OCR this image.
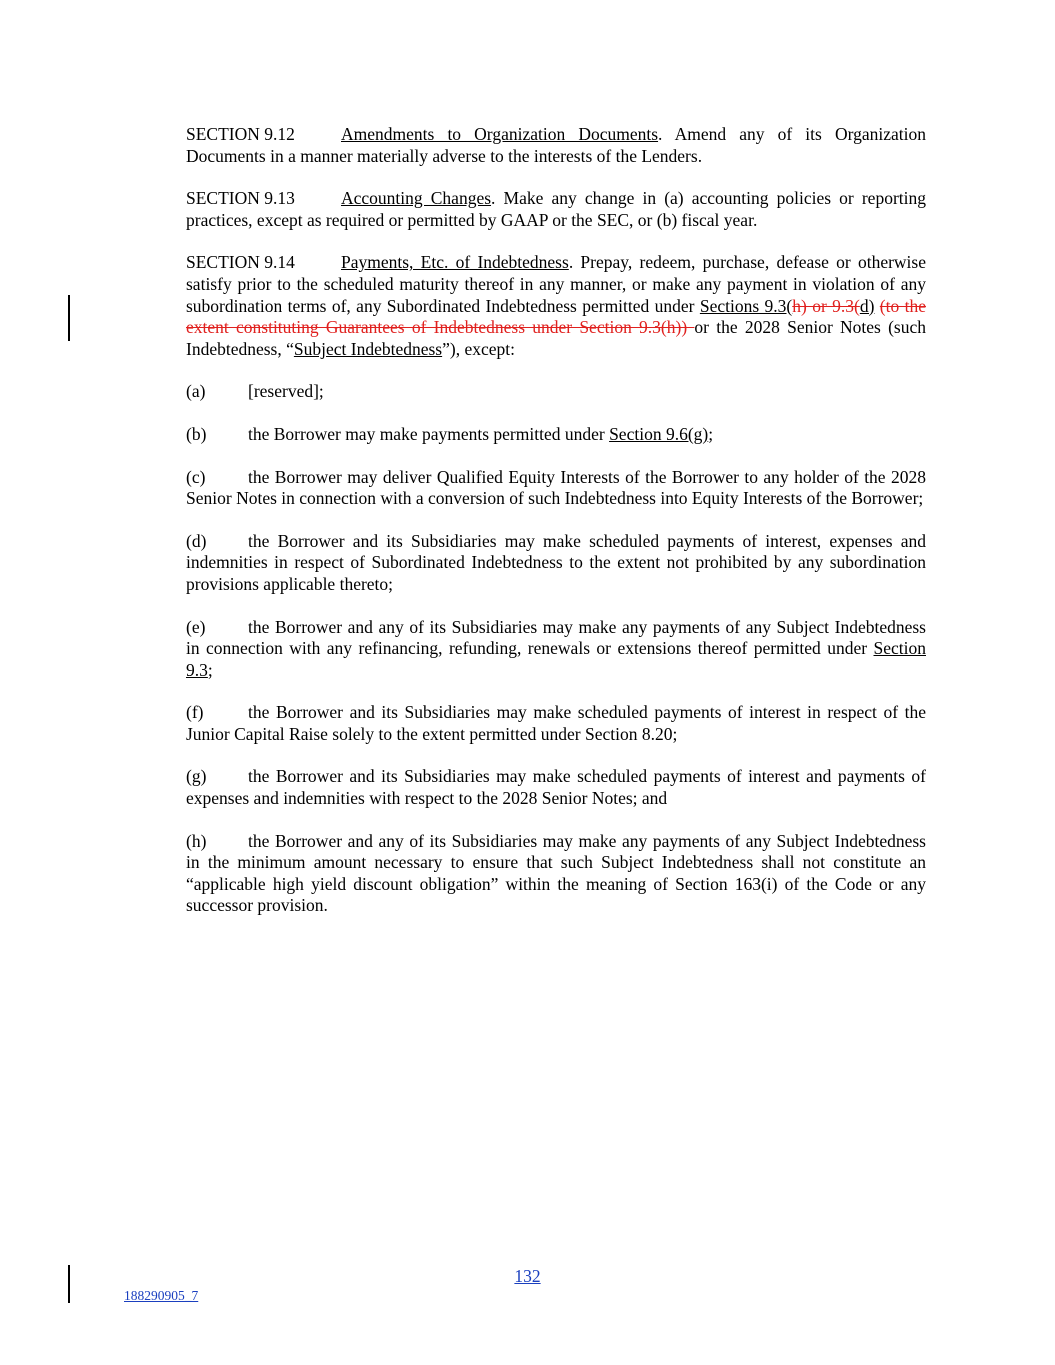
SECTION 9.12	Amendments to Organization Documents. Amend any of its Organization Documents in a manner materially adverse to the interests of the Lenders.

SECTION 9.13	Accounting Changes. Make any change in (a) accounting policies or reporting practices, except as required or permitted by GAAP or the SEC, or (b) fiscal year.

SECTION 9.14	Payments, Etc. of Indebtedness. Prepay, redeem, purchase, defease or otherwise satisfy prior to the scheduled maturity thereof in any manner, or make any payment in violation of any subordination terms of, any Subordinated Indebtedness permitted under Sections 9.3(h) or 9.3(d) (to the extent constituting Guarantees of Indebtedness under Section 9.3(h)) or the 2028 Senior Notes (such Indebtedness, “Subject Indebtedness”), except:

(a) [reserved];

(b) the Borrower may make payments permitted under Section 9.6(g);

(c) the Borrower may deliver Qualified Equity Interests of the Borrower to any holder of the 2028 Senior Notes in connection with a conversion of such Indebtedness into Equity Interests of the Borrower;

(d) the Borrower and its Subsidiaries may make scheduled payments of interest, expenses and indemnities in respect of Subordinated Indebtedness to the extent not prohibited by any subordination provisions applicable thereto;

(e) the Borrower and any of its Subsidiaries may make any payments of any Subject Indebtedness in connection with any refinancing, refunding, renewals or extensions thereof permitted under Section 9.3;

(f)	the Borrower and its Subsidiaries may make scheduled payments of interest in respect of the Junior Capital Raise solely to the extent permitted under Section 8.20;

(g) the Borrower and its Subsidiaries may make scheduled payments of interest and payments of expenses and indemnities with respect to the 2028 Senior Notes; and

(h) the Borrower and any of its Subsidiaries may make any payments of any Subject Indebtedness in the minimum amount necessary to ensure that such Subject Indebtedness shall not constitute an “applicable high yield discount obligation” within the meaning of Section 163(i) of the Code or any successor provision.

132
188290905_7
